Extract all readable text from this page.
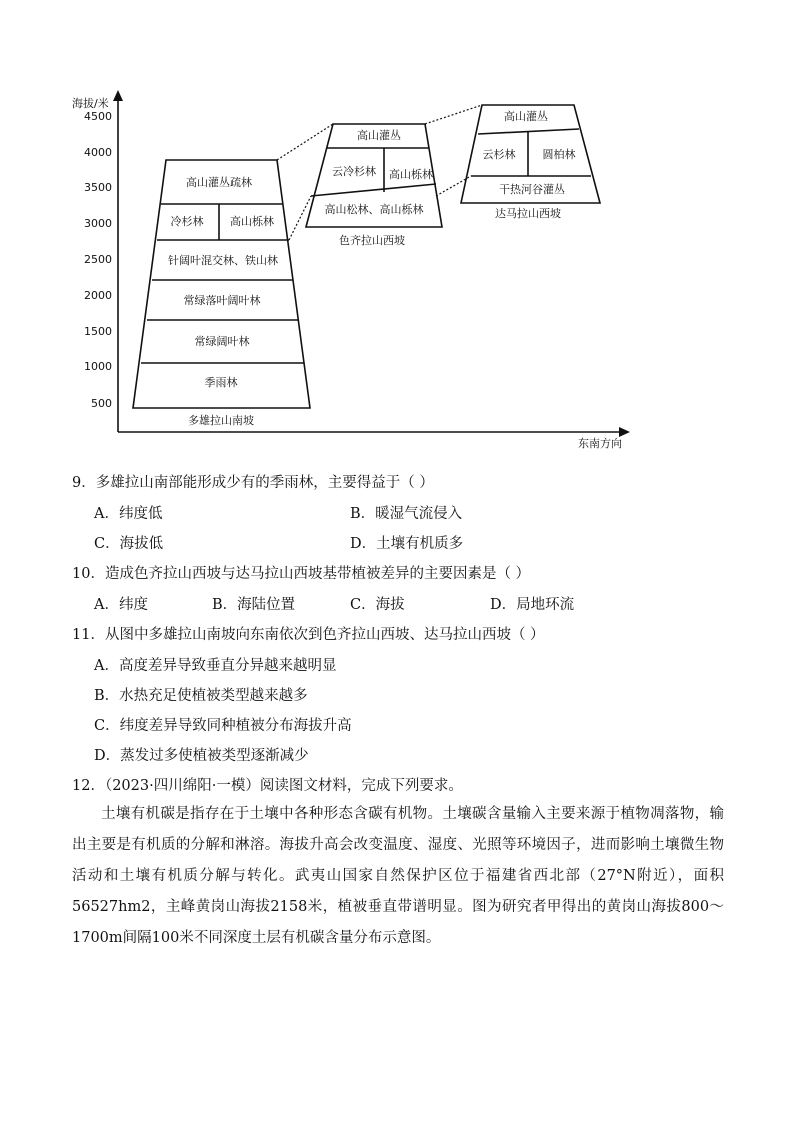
海拔/米
东南方向
4500
4000
3500
3000
2500
2000
1500
1000
500
高山灌丛疏林
冷杉林 高山栎林
针阔叶混交林、铁山林
常绿落叶阔叶林
常绿阔叶林
季雨林
多雄拉山南坡
高山灌丛
云冷杉林 高山栎林
高山松林、高山栎林
色齐拉山西坡
高山灌丛
云杉林 圆柏林
干热河谷灌丛
达马拉山西坡
9．多雄拉山南部能形成少有的季雨林，主要得益于（ ）
A．纬度低	B．暖湿气流侵入
C．海拔低	D．土壤有机质多
10．造成色齐拉山西坡与达马拉山西坡基带植被差异的主要因素是（ ）
A．纬度	B．海陆位置	C．海拔	D．局地环流
11．从图中多雄拉山南坡向东南依次到色齐拉山西坡、达马拉山西坡（ ）
A．高度差异导致垂直分异越来越明显
B．水热充足使植被类型越来越多
C．纬度差异导致同种植被分布海拔升高
D．蒸发过多使植被类型逐渐减少
12．（2023·四川绵阳·一模）阅读图文材料，完成下列要求。
土壤有机碳是指存在于土壤中各种形态含碳有机物。土壤碳含量输入主要来源于植物凋落物，输出主要是有机质的分解和淋溶。海拔升高会改变温度、湿度、光照等环境因子，进而影响土壤微生物活动和土壤有机质分解与转化。武夷山国家自然保护区位于福建省西北部（27°N附近），面积56527hm2，主峰黄岗山海拔2158米，植被垂直带谱明显。图为研究者甲得出的黄岗山海拔800～1700m间隔100米不同深度土层有机碳含量分布示意图。
